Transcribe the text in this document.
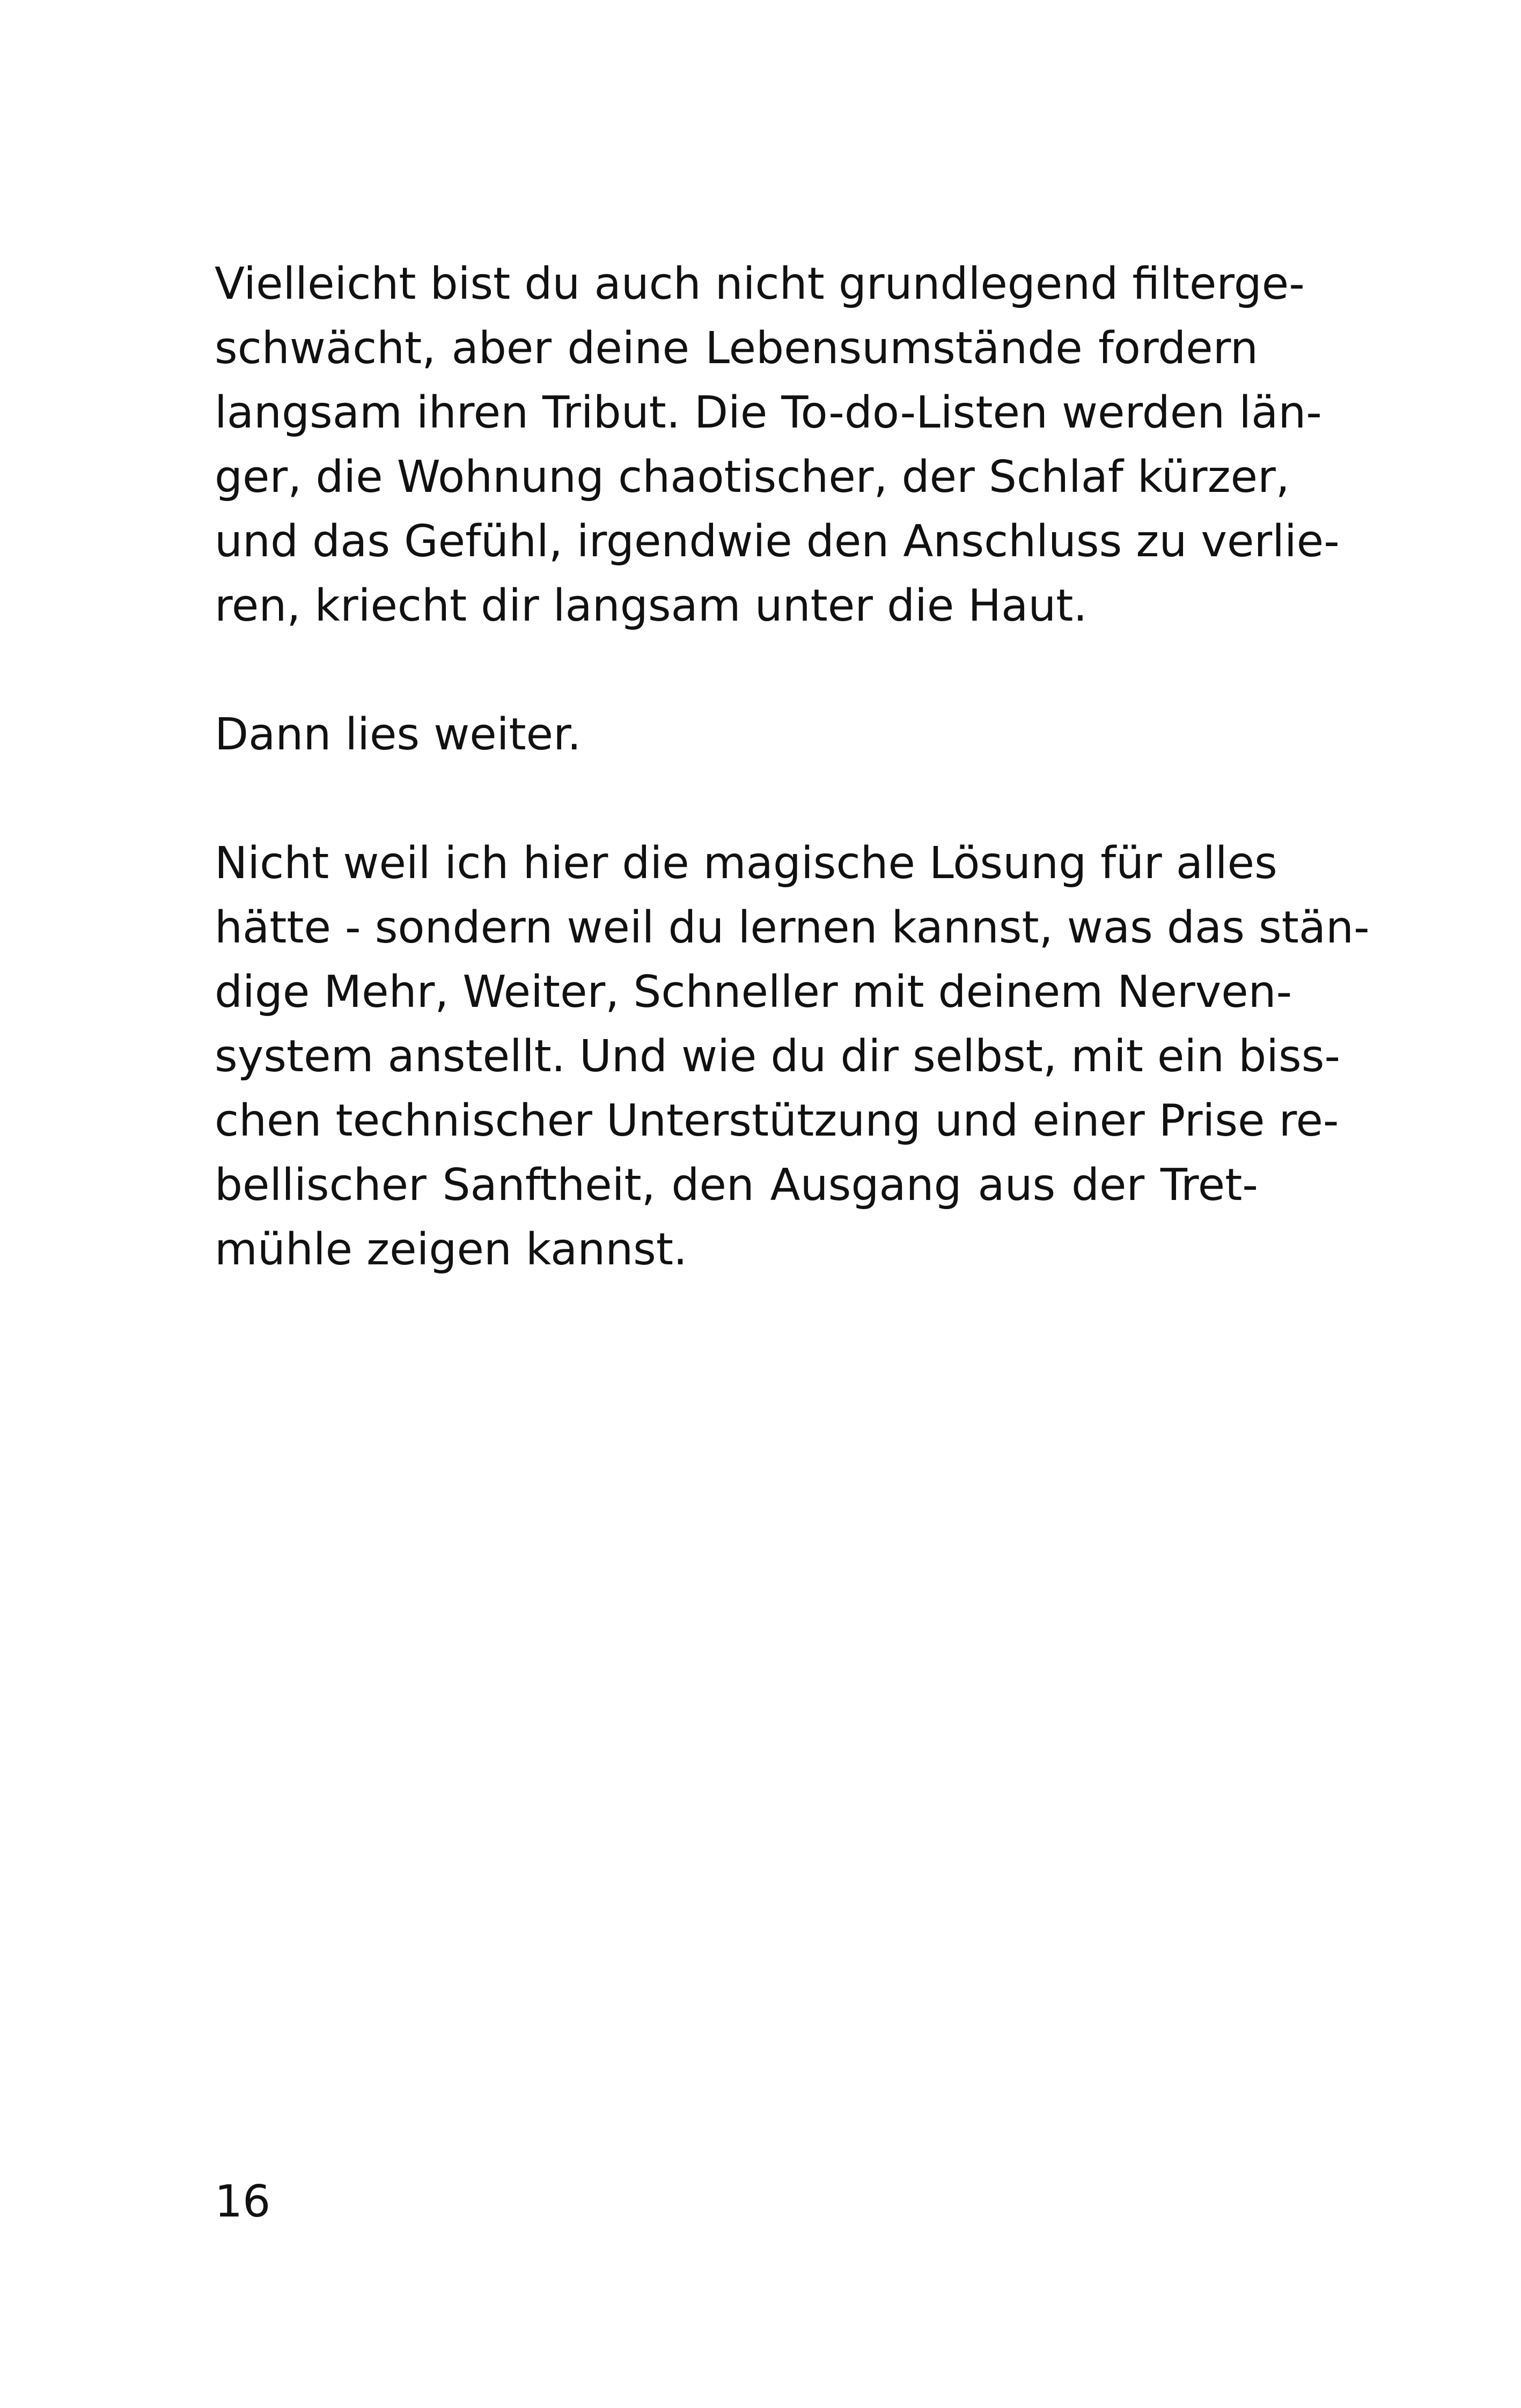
Vielleicht bist du auch nicht grundlegend filterge-
schwächt, aber deine Lebensumstände fordern
langsam ihren Tribut. Die To-do-Listen werden län-
ger, die Wohnung chaotischer, der Schlaf kürzer,
und das Gefühl, irgendwie den Anschluss zu verlie-
ren, kriecht dir langsam unter die Haut.
Dann lies weiter.
Nicht weil ich hier die magische Lösung für alles
hätte - sondern weil du lernen kannst, was das stän-
dige Mehr, Weiter, Schneller mit deinem Nerven-
system anstellt. Und wie du dir selbst, mit ein biss-
chen technischer Unterstützung und einer Prise re-
bellischer Sanftheit, den Ausgang aus der Tret-
mühle zeigen kannst.
16
